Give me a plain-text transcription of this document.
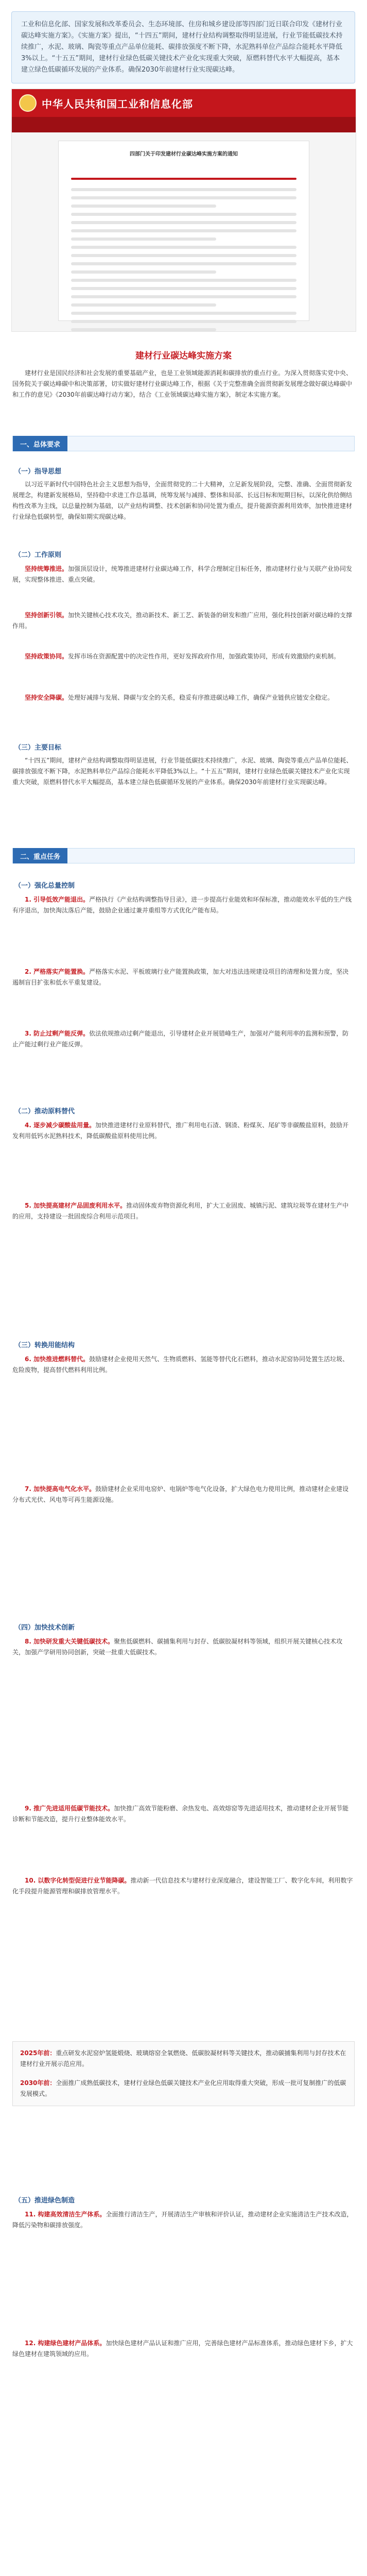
工业和信息化部、国家发展和改革委员会、生态环境部、住房和城乡建设部等四部门近日联合印发《建材行业碳达峰实施方案》。《实施方案》提出，“十四五”期间，建材行业结构调整取得明显进展，行业节能低碳技术持续推广，水泥、玻璃、陶瓷等重点产品单位能耗、碳排放强度不断下降，水泥熟料单位产品综合能耗水平降低3%以上。“十五五”期间，建材行业绿色低碳关键技术产业化实现重大突破，原燃料替代水平大幅提高，基本建立绿色低碳循环发展的产业体系。确保2030年前建材行业实现碳达峰。
中华人民共和国工业和信息化部
四部门关于印发建材行业碳达峰实施方案的通知
建材行业碳达峰实施方案
建材行业是国民经济和社会发展的重要基础产业，也是工业领域能源消耗和碳排放的重点行业。为深入贯彻落实党中央、国务院关于碳达峰碳中和决策部署，切实做好建材行业碳达峰工作，根据《关于完整准确全面贯彻新发展理念做好碳达峰碳中和工作的意见》《2030年前碳达峰行动方案》，结合《工业领域碳达峰实施方案》，制定本实施方案。
一、总体要求
（一）指导思想
以习近平新时代中国特色社会主义思想为指导，全面贯彻党的二十大精神，立足新发展阶段，完整、准确、全面贯彻新发展理念，构建新发展格局，坚持稳中求进工作总基调，统筹发展与减排、整体和局部、长远目标和短期目标，以深化供给侧结构性改革为主线，以总量控制为基础，以产业结构调整、技术创新和协同处置为重点，提升能源资源利用效率，加快推进建材行业绿色低碳转型，确保如期实现碳达峰。
（二）工作原则
坚持统筹推进。加强顶层设计，统筹推进建材行业碳达峰工作，科学合理制定目标任务，推动建材行业与关联产业协同发展，实现整体推进、重点突破。
坚持创新引领。加快关键核心技术攻关，推动新技术、新工艺、新装备的研发和推广应用，强化科技创新对碳达峰的支撑作用。
坚持政策协同。发挥市场在资源配置中的决定性作用，更好发挥政府作用，加强政策协同，形成有效激励约束机制。
坚持安全降碳。处理好减排与发展、降碳与安全的关系，稳妥有序推进碳达峰工作，确保产业链供应链安全稳定。
（三）主要目标
“十四五”期间，建材产业结构调整取得明显进展，行业节能低碳技术持续推广，水泥、玻璃、陶瓷等重点产品单位能耗、碳排放强度不断下降，水泥熟料单位产品综合能耗水平降低3%以上。“十五五”期间，建材行业绿色低碳关键技术产业化实现重大突破，原燃料替代水平大幅提高，基本建立绿色低碳循环发展的产业体系。确保2030年前建材行业实现碳达峰。
二、重点任务
（一）强化总量控制
1. 引导低效产能退出。严格执行《产业结构调整指导目录》，进一步提高行业能效和环保标准，推动能效水平低的生产线有序退出，加快淘汰落后产能，鼓励企业通过兼并重组等方式优化产能布局。
2. 严格落实产能置换。严格落实水泥、平板玻璃行业产能置换政策，加大对违法违规建设项目的清理和处置力度，坚决遏制盲目扩张和低水平重复建设。
3. 防止过剩产能反弹。依法依规推动过剩产能退出，引导建材企业开展错峰生产，加强对产能利用率的监测和预警，防止产能过剩行业产能反弹。
（二）推动原料替代
4. 逐步减少碳酸盐用量。加快推进建材行业原料替代，推广利用电石渣、钢渣、粉煤灰、尾矿等非碳酸盐原料，鼓励开发利用低钙水泥熟料技术，降低碳酸盐原料使用比例。
5. 加快提高建材产品固废利用水平。推动固体废弃物资源化利用，扩大工业固废、城镇污泥、建筑垃圾等在建材生产中的应用，支持建设一批固废综合利用示范项目。
（三）转换用能结构
6. 加快推进燃料替代。鼓励建材企业使用天然气、生物质燃料、氢能等替代化石燃料，推动水泥窑协同处置生活垃圾、危险废物，提高替代燃料利用比例。
7. 加快提高电气化水平。鼓励建材企业采用电窑炉、电锅炉等电气化设备，扩大绿色电力使用比例，推动建材企业建设分布式光伏、风电等可再生能源设施。
（四）加快技术创新
8. 加快研发重大关键低碳技术。聚焦低碳燃料、碳捕集利用与封存、低碳胶凝材料等领域，组织开展关键核心技术攻关，加强产学研用协同创新，突破一批重大低碳技术。
9. 推广先进适用低碳节能技术。加快推广高效节能粉磨、余热发电、高效熔窑等先进适用技术，推动建材企业开展节能诊断和节能改造，提升行业整体能效水平。
10. 以数字化转型促进行业节能降碳。推动新一代信息技术与建材行业深度融合，建设智能工厂、数字化车间，利用数字化手段提升能源管理和碳排放管理水平。
2025年前：重点研发水泥窑炉氢能煅烧、玻璃熔窑全氧燃烧、低碳胶凝材料等关键技术，推动碳捕集利用与封存技术在建材行业开展示范应用。
2030年前：全面推广成熟低碳技术，建材行业绿色低碳关键技术产业化应用取得重大突破，形成一批可复制推广的低碳发展模式。
（五）推进绿色制造
11. 构建高效清洁生产体系。全面推行清洁生产，开展清洁生产审核和评价认证，推动建材企业实施清洁生产技术改造，降低污染物和碳排放强度。
12. 构建绿色建材产品体系。加快绿色建材产品认证和推广应用，完善绿色建材产品标准体系，推动绿色建材下乡，扩大绿色建材在建筑领域的应用。
